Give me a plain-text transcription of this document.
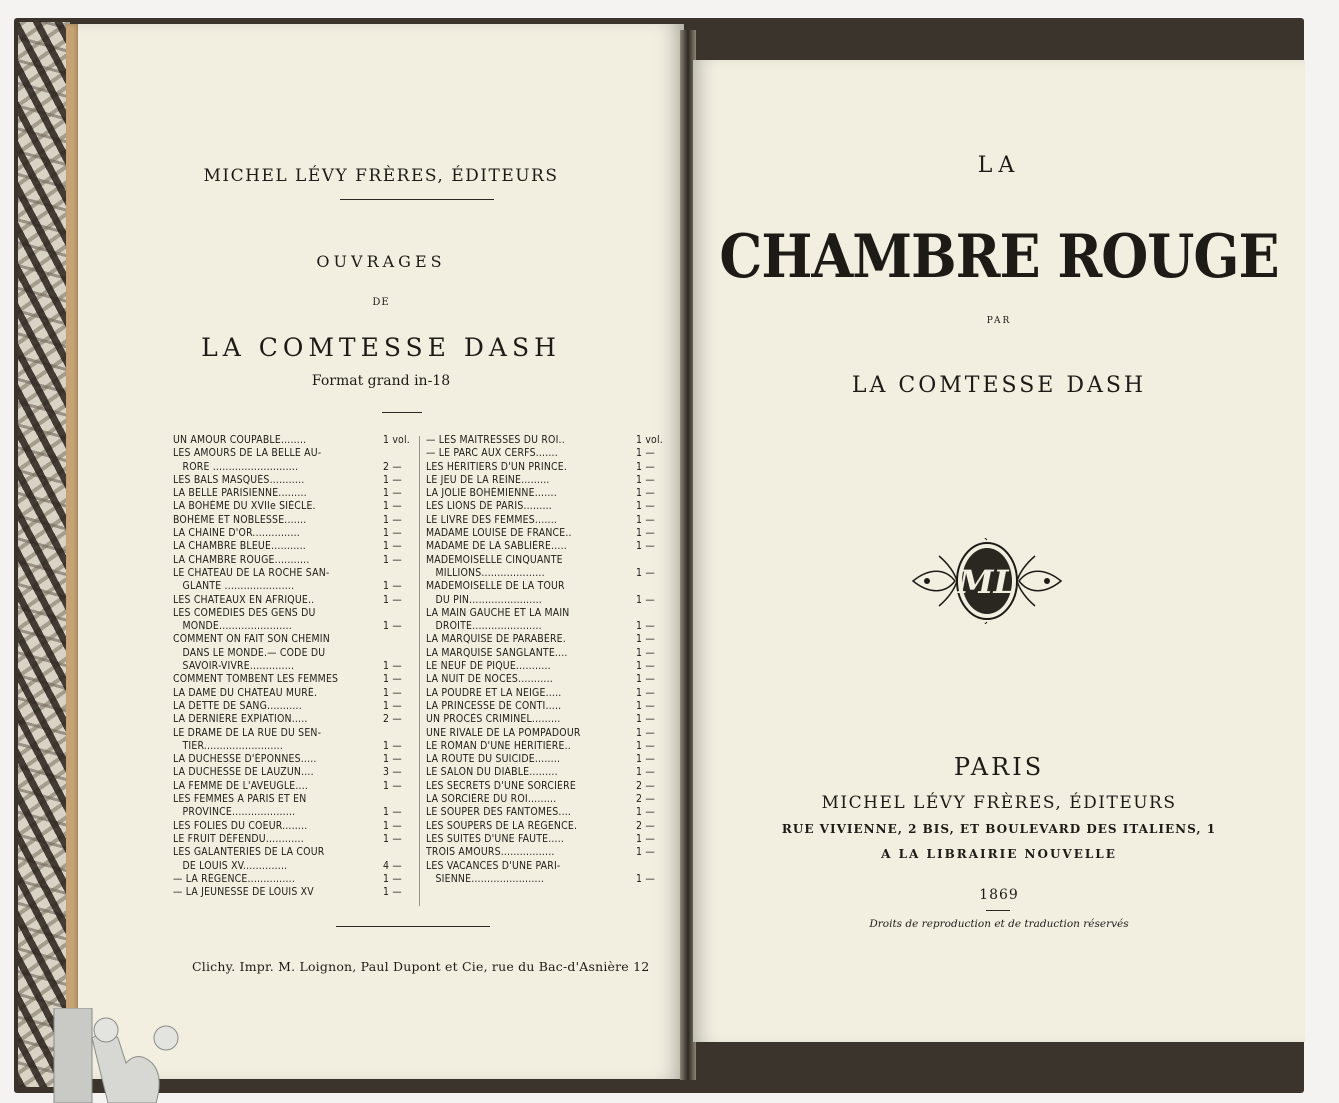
MICHEL LÉVY FRÈRES, ÉDITEURS
OUVRAGES
DE
LA COMTESSE DASH
Format grand in-18
UN AMOUR COUPABLE........	1 vol.
LES AMOURS DE LA BELLE AU-
RORE ...........................	2 —
LES BALS MASQUÉS...........	1 —
LA BELLE PARISIENNE.........	1 —
LA BOHÈME DU XVIIe SIÈCLE.	1 —
BOHÈME ET NOBLESSE.......	1 —
LA CHAINE D'OR...............	1 —
LA CHAMBRE BLEUE...........	1 —
LA CHAMBRE ROUGE...........	1 —
LE CHATEAU DE LA ROCHE SAN-
GLANTE ......................	1 —
LES CHATEAUX EN AFRIQUE..	1 —
LES COMÉDIES DES GENS DU
MONDE.......................	1 —
COMMENT ON FAIT SON CHEMIN
DANS LE MONDE.— CODE DU
SAVOIR-VIVRE..............	1 —
COMMENT TOMBENT LES FEMMES	1 —
LA DAME DU CHATEAU MURÉ.	1 —
LA DETTE DE SANG...........	1 —
LA DERNIÈRE EXPIATION.....	2 —
LE DRAME DE LA RUE DU SEN-
TIER.........................	1 —
LA DUCHESSE D'ÉPONNES.....	1 —
LA DUCHESSE DE LAUZUN....	3 —
LA FEMME DE L'AVEUGLE....	1 —
LES FEMMES A PARIS ET EN
PROVINCE....................	1 —
LES FOLIES DU COEUR........	1 —
LE FRUIT DÉFENDU............	1 —
LES GALANTERIES DE LA COUR
DE LOUIS XV..............	4 —
— LA RÉGENCE...............	1 —
— LA JEUNESSE DE LOUIS XV	1 —
— LES MAITRESSES DU ROI..	1 vol.
— LE PARC AUX CERFS.......	1 —
LES HÉRITIERS D'UN PRINCE.	1 —
LE JEU DE LA REINE.........	1 —
LA JOLIE BOHÉMIENNE.......	1 —
LES LIONS DE PARIS.........	1 —
LE LIVRE DES FEMMES.......	1 —
MADAME LOUISE DE FRANCE..	1 —
MADAME DE LA SABLIÈRE.....	1 —
MADEMOISELLE CINQUANTE
MILLIONS....................	1 —
MADEMOISELLE DE LA TOUR
DU PIN.......................	1 —
LA MAIN GAUCHE ET LA MAIN
DROITE......................	1 —
LA MARQUISE DE PARABÈRE.	1 —
LA MARQUISE SANGLANTE....	1 —
LE NEUF DE PIQUE...........	1 —
LA NUIT DE NOCES...........	1 —
LA POUDRE ET LA NEIGE.....	1 —
LA PRINCESSE DE CONTI.....	1 —
UN PROCÈS CRIMINEL.........	1 —
UNE RIVALE DE LA POMPADOUR	1 —
LE ROMAN D'UNE HÉRITIÈRE..	1 —
LA ROUTE DU SUICIDE........	1 —
LE SALON DU DIABLE.........	1 —
LES SECRETS D'UNE SORCIÈRE	2 —
LA SORCIÈRE DU ROI.........	2 —
LE SOUPER DES FANTOMES....	1 —
LES SOUPERS DE LA RÉGENCE.	2 —
LES SUITES D'UNE FAUTE.....	1 —
TROIS AMOURS.................	1 —
LES VACANCES D'UNE PARI-
SIENNE.......................	1 —
Clichy. Impr. M. Loignon, Paul Dupont et Cie, rue du Bac-d'Asnière 12
LA
CHAMBRE ROUGE
PAR
LA COMTESSE DASH
ML
PARIS
MICHEL LÉVY FRÈRES, ÉDITEURS
RUE VIVIENNE, 2 BIS, ET BOULEVARD DES ITALIENS, 1
A LA LIBRAIRIE NOUVELLE
1869
Droits de reproduction et de traduction réservés
